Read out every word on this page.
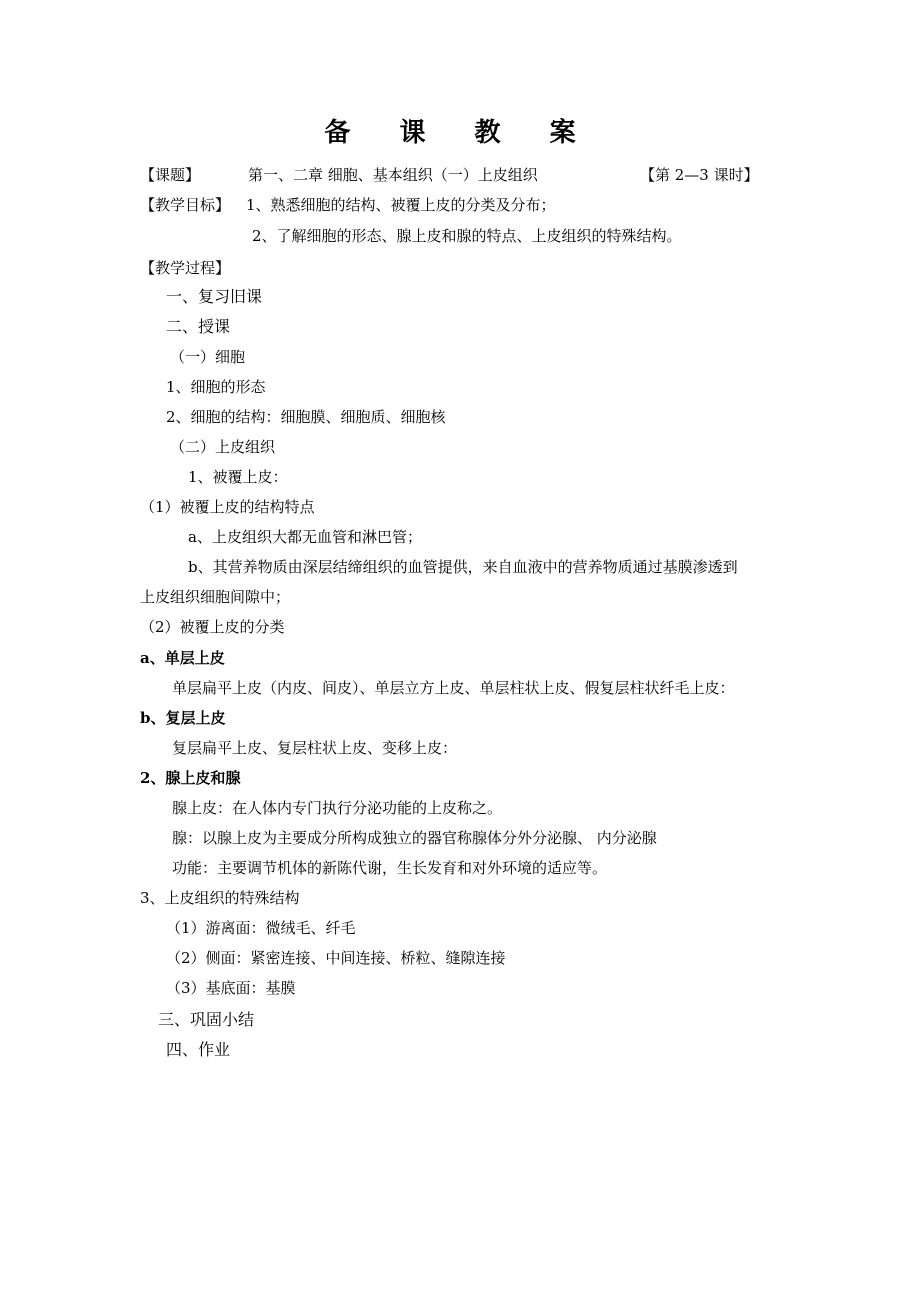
备 课 教 案
【课题】	第一、二章 细胞、基本组织（一）上皮组织	【第 2—3 课时】
【教学目标】 1、熟悉细胞的结构、被覆上皮的分类及分布；
2、了解细胞的形态、腺上皮和腺的特点、上皮组织的特殊结构。
【教学过程】
一、复习旧课
二、授课
（一）细胞
1、细胞的形态
2、细胞的结构：细胞膜、细胞质、细胞核
（二）上皮组织
1、被覆上皮：
（1）被覆上皮的结构特点
a、上皮组织大都无血管和淋巴管；
b、其营养物质由深层结缔组织的血管提供，来自血液中的营养物质通过基膜渗透到
上皮组织细胞间隙中；
（2）被覆上皮的分类
a、单层上皮
单层扁平上皮（内皮、间皮）、单层立方上皮、单层柱状上皮、假复层柱状纤毛上皮：
b、复层上皮
复层扁平上皮、复层柱状上皮、变移上皮：
2、腺上皮和腺
腺上皮：在人体内专门执行分泌功能的上皮称之。
腺：以腺上皮为主要成分所构成独立的器官称腺体分外分泌腺、 内分泌腺
功能：主要调节机体的新陈代谢，生长发育和对外环境的适应等。
3、上皮组织的特殊结构
（1）游离面：微绒毛、纤毛
（2）侧面：紧密连接、中间连接、桥粒、缝隙连接
（3）基底面：基膜
三、巩固小结
四、作业
